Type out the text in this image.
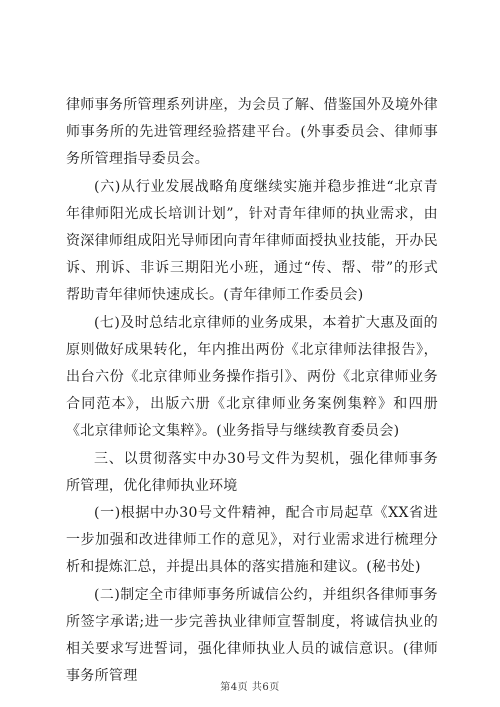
律师事务所管理系列讲座，为会员了解、借鉴国外及境外律师事务所的先进管理经验搭建平台。(外事委员会、律师事务所管理指导委员会。

(六)从行业发展战略角度继续实施并稳步推进“北京青年律师阳光成长培训计划”，针对青年律师的执业需求，由资深律师组成阳光导师团向青年律师面授执业技能，开办民诉、刑诉、非诉三期阳光小班，通过“传、帮、带”的形式帮助青年律师快速成长。(青年律师工作委员会)

(七)及时总结北京律师的业务成果，本着扩大惠及面的原则做好成果转化，年内推出两份《北京律师法律报告》，出台六份《北京律师业务操作指引》、两份《北京律师业务合同范本》，出版六册《北京律师业务案例集粹》和四册《北京律师论文集粹》。(业务指导与继续教育委员会)

三、以贯彻落实中办30号文件为契机，强化律师事务所管理，优化律师执业环境

(一)根据中办30号文件精神，配合市局起草《XX省进一步加强和改进律师工作的意见》，对行业需求进行梳理分析和提炼汇总，并提出具体的落实措施和建议。(秘书处)

(二)制定全市律师事务所诚信公约，并组织各律师事务所签字承诺;进一步完善执业律师宣誓制度，将诚信执业的相关要求写进誓词，强化律师执业人员的诚信意识。(律师事务所管理

第4页 共6页
